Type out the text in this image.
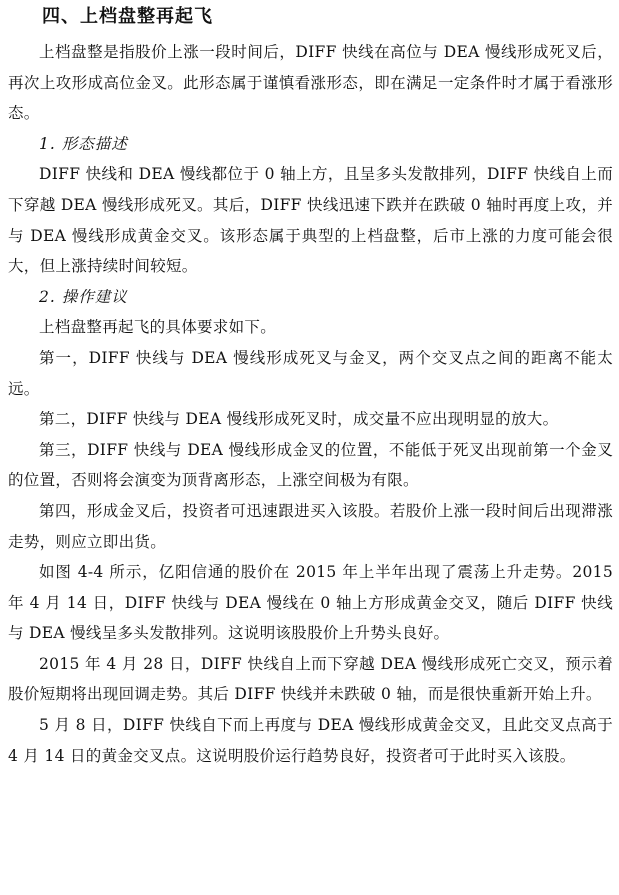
四、上档盘整再起飞

上档盘整是指股价上涨一段时间后，DIFF 快线在高位与 DEA 慢线形成死叉后，再次上攻形成高位金叉。此形态属于谨慎看涨形态，即在满足一定条件时才属于看涨形态。

1. 形态描述

DIFF 快线和 DEA 慢线都位于 0 轴上方，且呈多头发散排列，DIFF 快线自上而下穿越 DEA 慢线形成死叉。其后，DIFF 快线迅速下跌并在跌破 0 轴时再度上攻，并与 DEA 慢线形成黄金交叉。该形态属于典型的上档盘整，后市上涨的力度可能会很大，但上涨持续时间较短。

2. 操作建议

上档盘整再起飞的具体要求如下。

第一，DIFF 快线与 DEA 慢线形成死叉与金叉，两个交叉点之间的距离不能太远。

第二，DIFF 快线与 DEA 慢线形成死叉时，成交量不应出现明显的放大。

第三，DIFF 快线与 DEA 慢线形成金叉的位置，不能低于死叉出现前第一个金叉的位置，否则将会演变为顶背离形态，上涨空间极为有限。

第四，形成金叉后，投资者可迅速跟进买入该股。若股价上涨一段时间后出现滞涨走势，则应立即出货。

如图 4-4 所示，亿阳信通的股价在 2015 年上半年出现了震荡上升走势。2015 年 4 月 14 日，DIFF 快线与 DEA 慢线在 0 轴上方形成黄金交叉，随后 DIFF 快线与 DEA 慢线呈多头发散排列。这说明该股股价上升势头良好。

2015 年 4 月 28 日，DIFF 快线自上而下穿越 DEA 慢线形成死亡交叉，预示着股价短期将出现回调走势。其后 DIFF 快线并未跌破 0 轴，而是很快重新开始上升。

5 月 8 日，DIFF 快线自下而上再度与 DEA 慢线形成黄金交叉，且此交叉点高于 4 月 14 日的黄金交叉点。这说明股价运行趋势良好，投资者可于此时买入该股。
